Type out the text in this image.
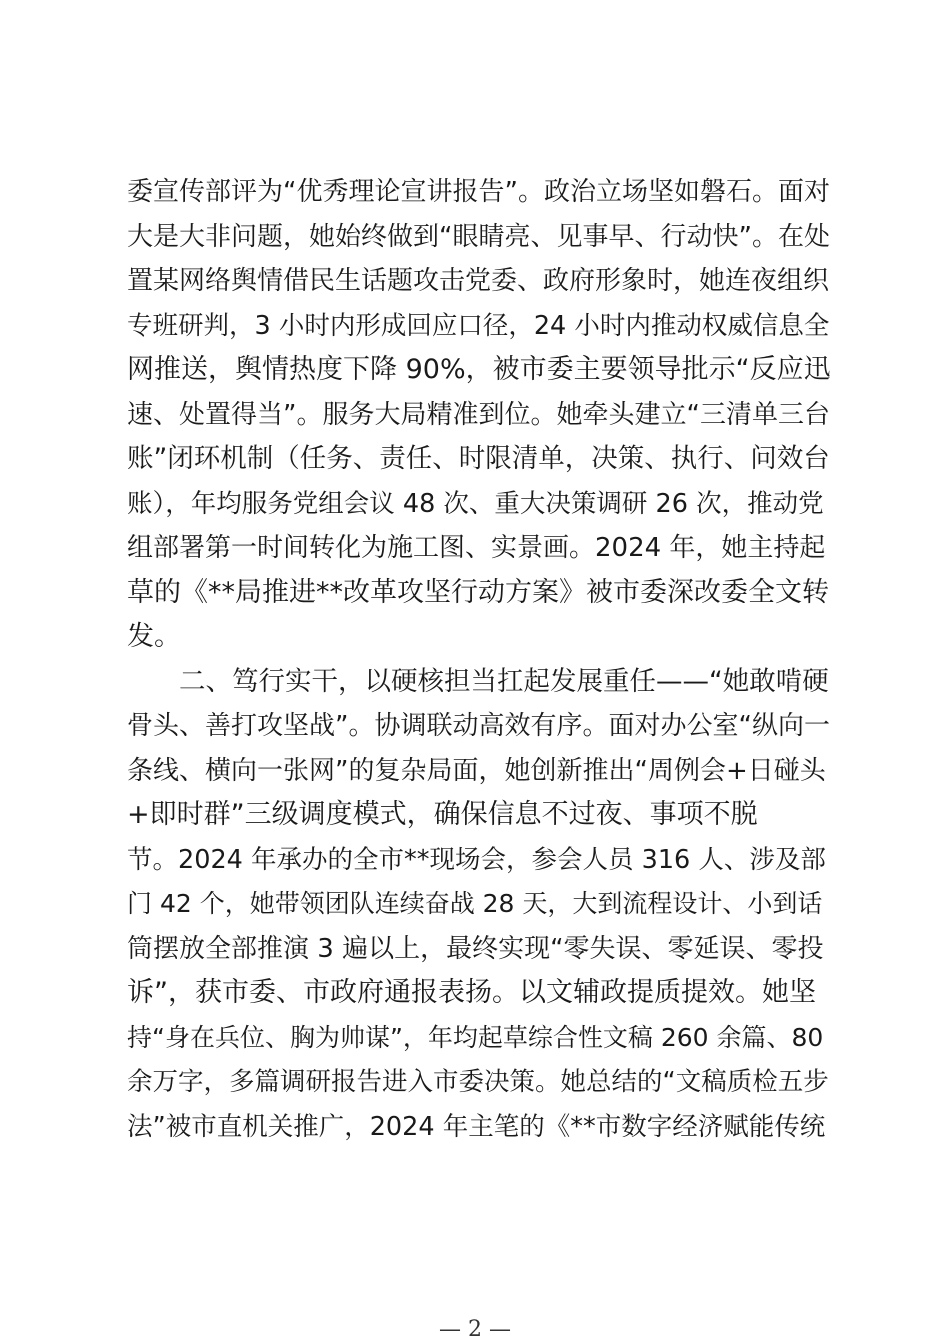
委宣传部评为“优秀理论宣讲报告”。政治立场坚如磐石。面对
大是大非问题，她始终做到“眼睛亮、见事早、行动快”。在处
置某网络舆情借民生话题攻击党委、政府形象时，她连夜组织
专班研判，3 小时内形成回应口径，24 小时内推动权威信息全
网推送，舆情热度下降 90%，被市委主要领导批示“反应迅
速、处置得当”。服务大局精准到位。她牵头建立“三清单三台
账”闭环机制（任务、责任、时限清单，决策、执行、问效台
账），年均服务党组会议 48 次、重大决策调研 26 次，推动党
组部署第一时间转化为施工图、实景画。2024 年，她主持起
草的《**局推进**改革攻坚行动方案》被市委深改委全文转
发。
二、笃行实干，以硬核担当扛起发展重任——“她敢啃硬
骨头、善打攻坚战”。协调联动高效有序。面对办公室“纵向一
条线、横向一张网”的复杂局面，她创新推出“周例会+日碰头
+即时群”三级调度模式，确保信息不过夜、事项不脱
节。2024 年承办的全市**现场会，参会人员 316 人、涉及部
门 42 个，她带领团队连续奋战 28 天，大到流程设计、小到话
筒摆放全部推演 3 遍以上，最终实现“零失误、零延误、零投
诉”，获市委、市政府通报表扬。以文辅政提质提效。她坚
持“身在兵位、胸为帅谋”，年均起草综合性文稿 260 余篇、80
余万字，多篇调研报告进入市委决策。她总结的“文稿质检五步
法”被市直机关推广，2024 年主笔的《**市数字经济赋能传统
— 2 —
